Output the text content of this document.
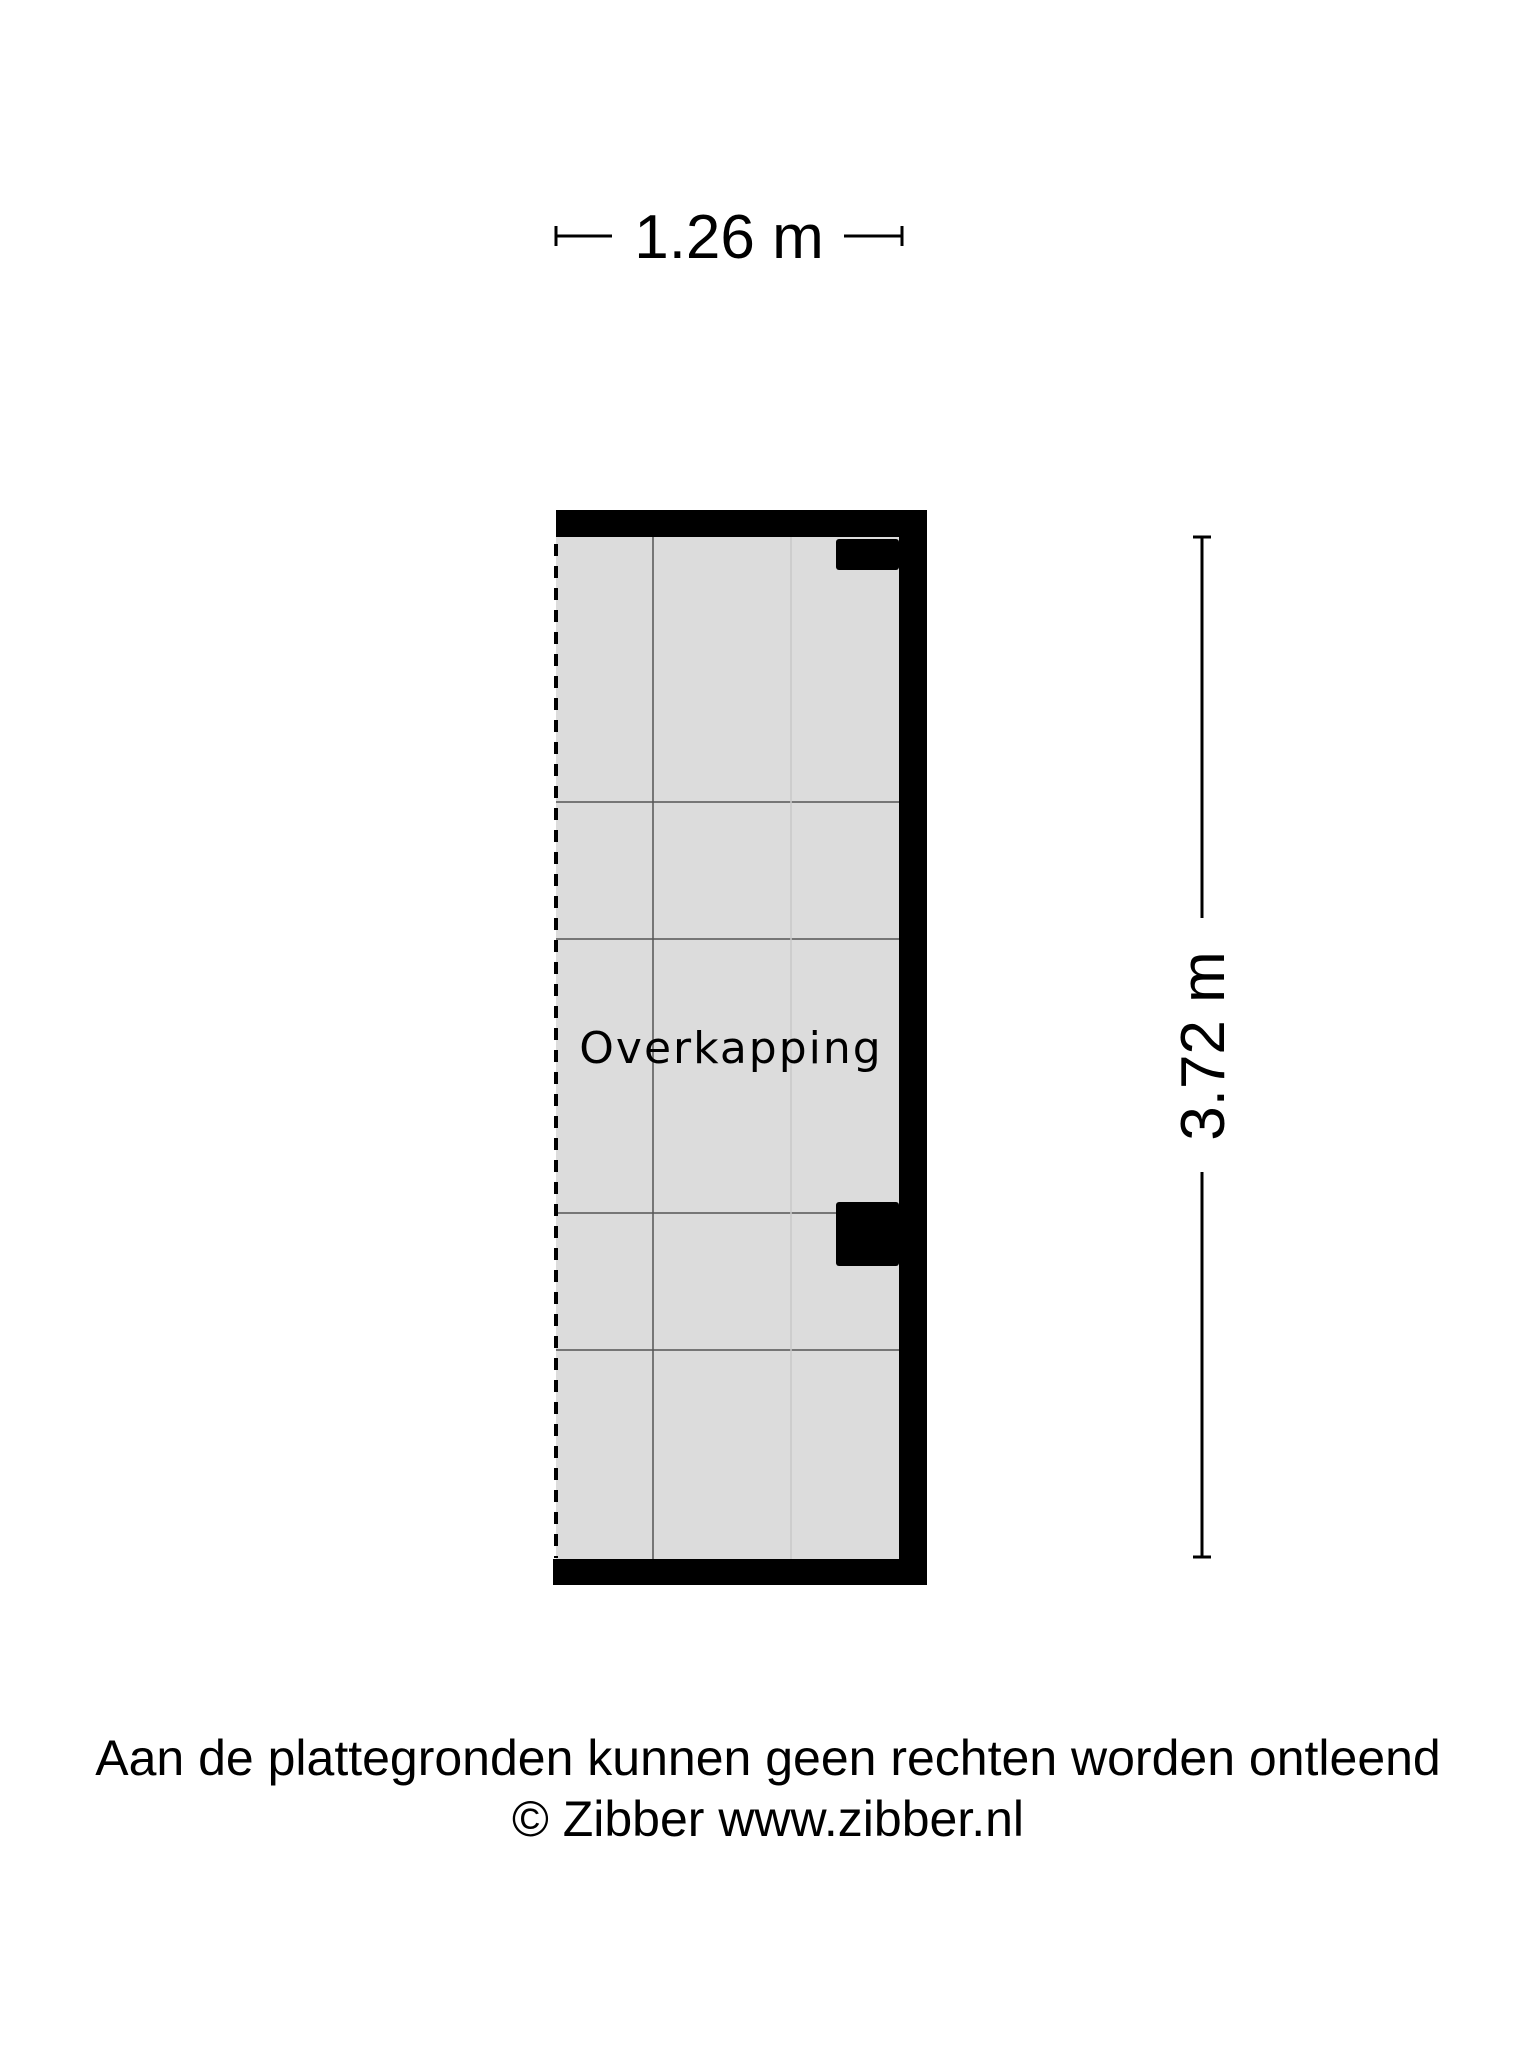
1.26 m
3.72 m
Overkapping
Aan de plattegronden kunnen geen rechten worden ontleend
© Zibber www.zibber.nl
